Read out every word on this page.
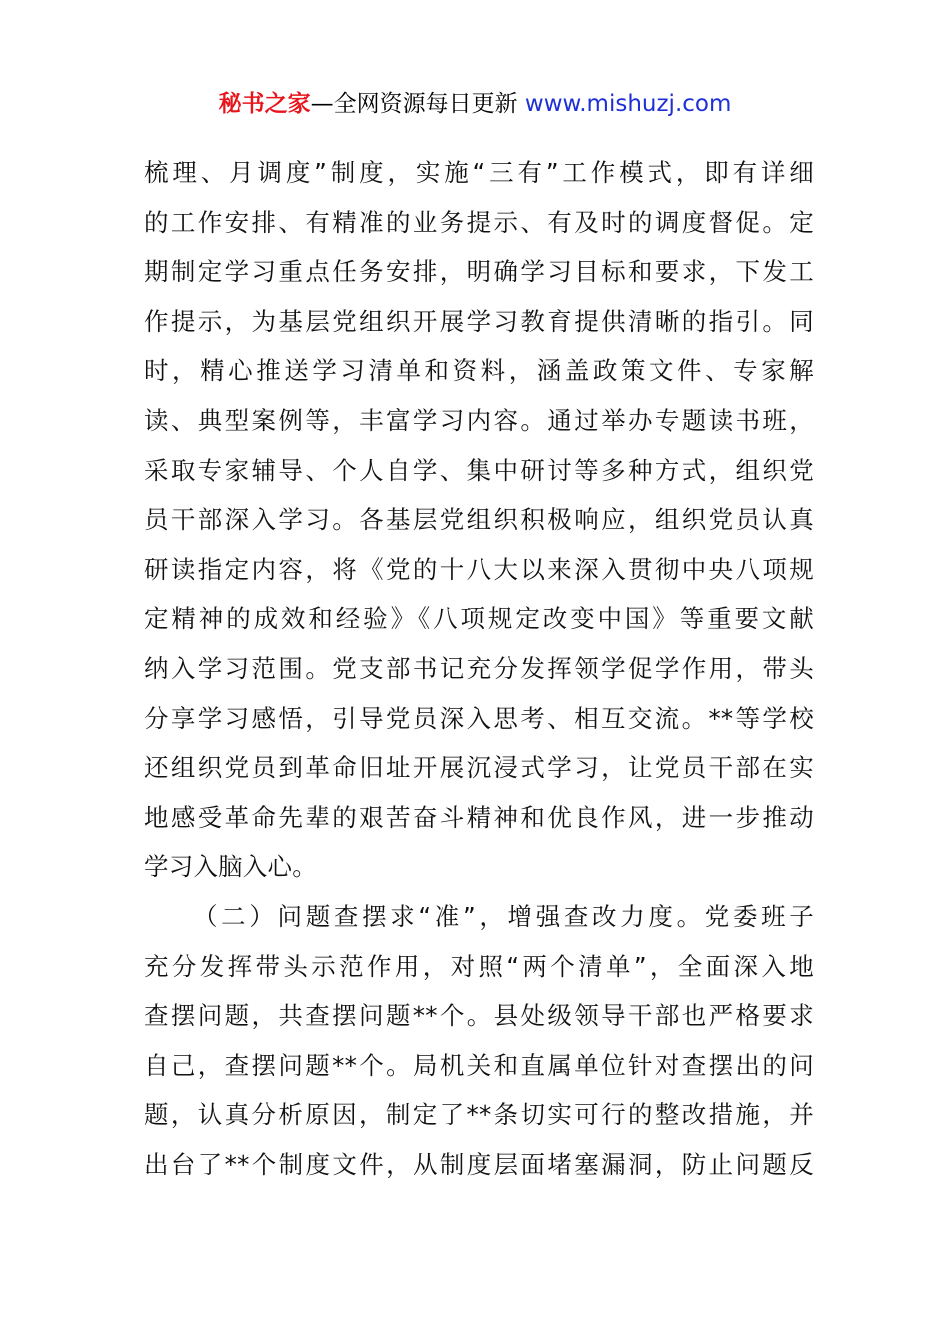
秘书之家—全网资源每日更新 www.mishuzj.com
梳理、月调度”制度，实施“三有”工作模式，即有详细
的工作安排、有精准的业务提示、有及时的调度督促。定
期制定学习重点任务安排，明确学习目标和要求，下发工
作提示，为基层党组织开展学习教育提供清晰的指引。同
时，精心推送学习清单和资料，涵盖政策文件、专家解
读、典型案例等，丰富学习内容。通过举办专题读书班，
采取专家辅导、个人自学、集中研讨等多种方式，组织党
员干部深入学习。各基层党组织积极响应，组织党员认真
研读指定内容，将《党的十八大以来深入贯彻中央八项规
定精神的成效和经验》《八项规定改变中国》等重要文献
纳入学习范围。党支部书记充分发挥领学促学作用，带头
分享学习感悟，引导党员深入思考、相互交流。**等学校
还组织党员到革命旧址开展沉浸式学习，让党员干部在实
地感受革命先辈的艰苦奋斗精神和优良作风，进一步推动
学习入脑入心。
（二）问题查摆求“准”，增强查改力度。党委班子
充分发挥带头示范作用，对照“两个清单”，全面深入地
查摆问题，共查摆问题**个。县处级领导干部也严格要求
自己，查摆问题**个。局机关和直属单位针对查摆出的问
题，认真分析原因，制定了**条切实可行的整改措施，并
出台了**个制度文件，从制度层面堵塞漏洞，防止问题反
